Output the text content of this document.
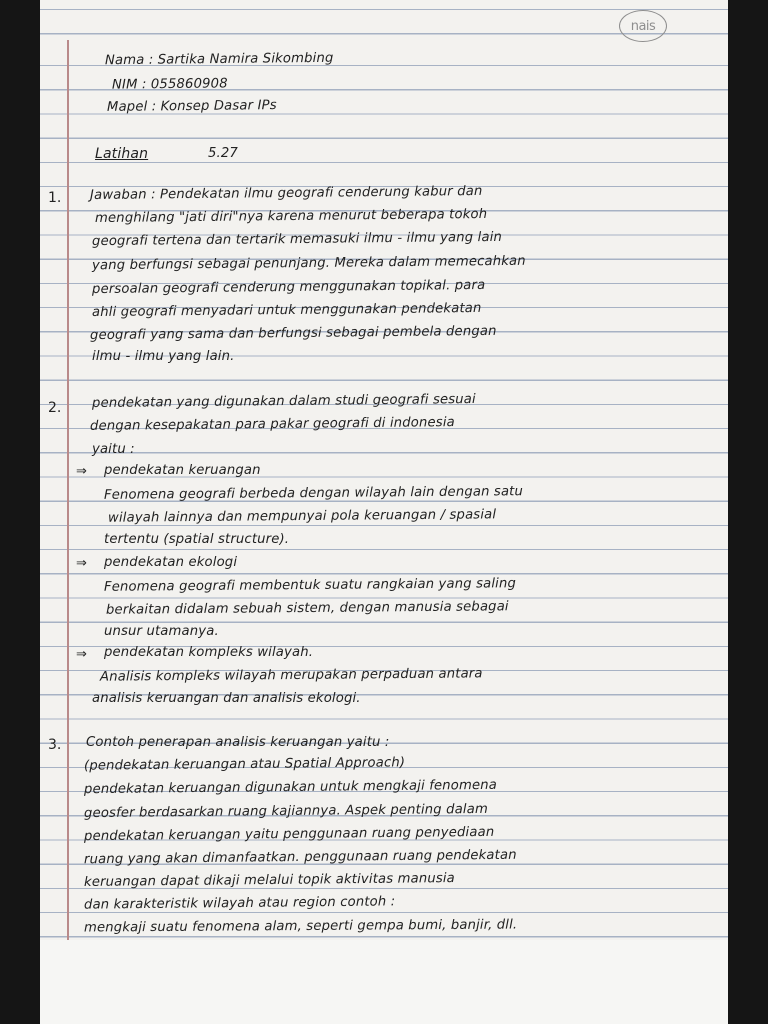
nais
Nama : Sartika Namira Sikombing
NIM : 055860908
Mapel : Konsep Dasar IPs
Latihan	5.27
1. Jawaban : Pendekatan ilmu geografi cenderung kabur dan
menghilang "jati diri"nya karena menurut beberapa tokoh
geografi tertena dan tertarik memasuki ilmu - ilmu yang lain
yang berfungsi sebagai penunjang. Mereka dalam memecahkan
persoalan geografi cenderung menggunakan topikal. para
ahli geografi menyadari untuk menggunakan pendekatan
geografi yang sama dan berfungsi sebagai pembela dengan
ilmu - ilmu yang lain.
2. pendekatan yang digunakan dalam studi geografi sesuai
dengan kesepakatan para pakar geografi di indonesia
yaitu :
⇒ pendekatan keruangan
Fenomena geografi berbeda dengan wilayah lain dengan satu
wilayah lainnya dan mempunyai pola keruangan / spasial
tertentu (spatial structure).
⇒ pendekatan ekologi
Fenomena geografi membentuk suatu rangkaian yang saling
berkaitan didalam sebuah sistem, dengan manusia sebagai
unsur utamanya.
⇒ pendekatan kompleks wilayah.
Analisis kompleks wilayah merupakan perpaduan antara
analisis keruangan dan analisis ekologi.
3. Contoh penerapan analisis keruangan yaitu :
(pendekatan keruangan atau Spatial Approach)
pendekatan keruangan digunakan untuk mengkaji fenomena
geosfer berdasarkan ruang kajiannya. Aspek penting dalam
pendekatan keruangan yaitu penggunaan ruang penyediaan
ruang yang akan dimanfaatkan. penggunaan ruang pendekatan
keruangan dapat dikaji melalui topik aktivitas manusia
dan karakteristik wilayah atau region contoh :
mengkaji suatu fenomena alam, seperti gempa bumi, banjir, dll.
